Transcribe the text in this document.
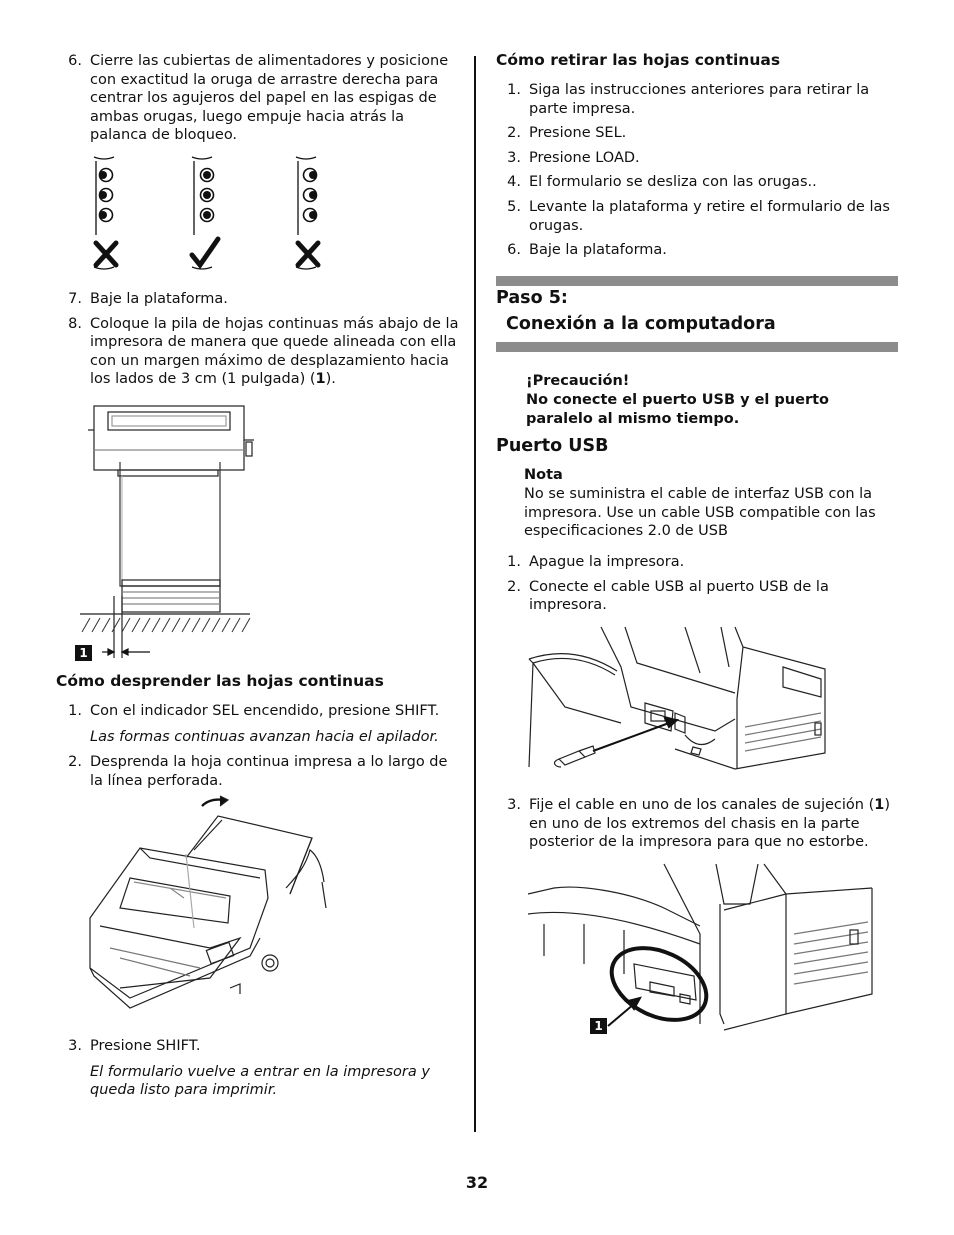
6. Cierre las cubiertas de alimentadores y posicione con exactitud la oruga de arrastre derecha para centrar los agujeros del papel en las espigas de ambas orugas, luego empuje hacia atrás la palanca de bloqueo.
7. Baje la plataforma.
8. Coloque la pila de hojas continuas más abajo de la impresora de manera que quede alineada con ella con un margen máximo de desplazamiento hacia los lados de 3 cm (1 pulgada) (1).
1
Cómo desprender las hojas continuas
1. Con el indicador SEL encendido, presione SHIFT.
Las formas continuas avanzan hacia el apilador.
2. Desprenda la hoja continua impresa a lo largo de la línea perforada.
3. Presione SHIFT.
El formulario vuelve a entrar en la impresora y queda listo para imprimir.
Cómo retirar las hojas continuas
1. Siga las instrucciones anteriores para retirar la parte impresa.
2. Presione SEL.
3. Presione LOAD.
4. El formulario se desliza con las orugas..
5. Levante la plataforma y retire el formulario de las orugas.
6. Baje la plataforma.
Paso 5:
Conexión a la computadora
¡Precaución!
No conecte el puerto USB y el puerto paralelo al mismo tiempo.
Puerto USB
Nota
No se suministra el cable de interfaz USB con la impresora. Use un cable USB compatible con las especificaciones 2.0 de USB
1. Apague la impresora.
2. Conecte el cable USB al puerto USB de la impresora.
3. Fije el cable en uno de los canales de sujeción (1) en uno de los extremos del chasis en la parte posterior de la impresora para que no estorbe.
1
32
